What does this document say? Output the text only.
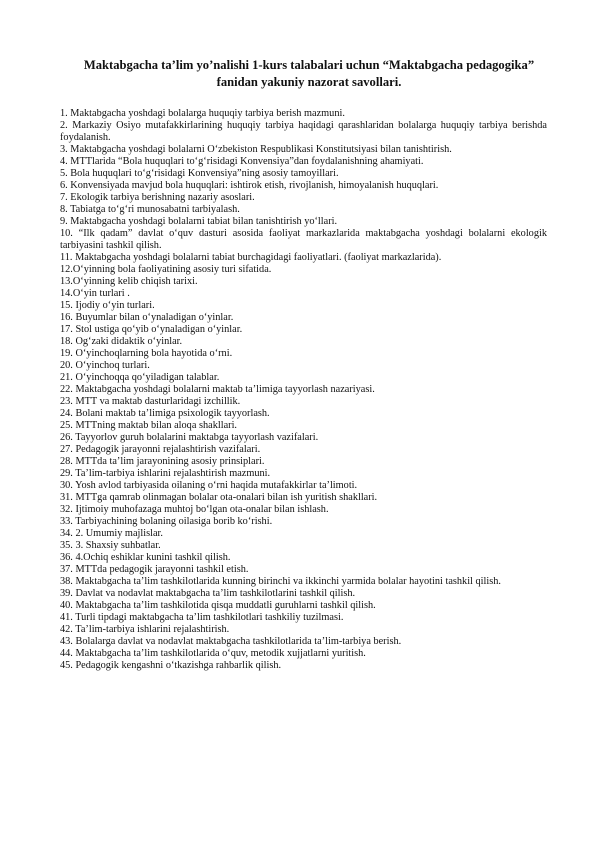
Maktabgacha ta’lim yo’nalishi 1-kurs talabalari uchun “Maktabgacha pedagogika” fanidan yakuniy nazorat savollari.

1. Maktabgacha yoshdagi bolalarga huquqiy tarbiya berish mazmuni.

2. Markaziy Osiyo mutafakkirlarining huquqiy tarbiya haqidagi qarashlaridan bolalarga huquqiy tarbiya berishda foydalanish.

3. Maktabgacha yoshdagi bolalarni O‘zbekiston Respublikasi Konstitutsiyasi bilan tanishtirish.

4. MTTlarida “Bola huquqlari to‘g‘risidagi Konvensiya”dan foydalanishning ahamiyati.

5. Bola huquqlari to‘g‘risidagi Konvensiya”ning asosiy tamoyillari.

6. Konvensiyada mavjud bola huquqlari: ishtirok etish, rivojlanish, himoyalanish huquqlari.

7. Ekologik tarbiya berishning nazariy asoslari.

8. Tabiatga to‘g‘ri munosabatni tarbiyalash.

9. Maktabgacha yoshdagi bolalarni tabiat bilan tanishtirish yo‘llari.

10. “Ilk qadam” davlat o‘quv dasturi asosida faoliyat markazlarida maktabgacha yoshdagi bolalarni ekologik tarbiyasini tashkil qilish.

11. Maktabgacha yoshdagi bolalarni tabiat burchagidagi faoliyatlari. (faoliyat markazlarida).

12.O‘yinning bola faoliyatining asosiy turi sifatida.

13.O‘yinning kelib chiqish tarixi.

14.O‘yin turlari .

15. Ijodiy o‘yin turlari.

16. Buyumlar bilan o‘ynaladigan o‘yinlar.

17. Stol ustiga qo‘yib o‘ynaladigan o‘yinlar.

18. Og‘zaki didaktik o‘yinlar.

19. O‘yinchoqlarning bola hayotida o‘rni.

20. O‘yinchoq turlari.

21. O‘yinchoqqa qo‘yiladigan talablar.

22. Maktabgacha yoshdagi bolalarni maktab ta’limiga tayyorlash nazariyasi.

23. MTT va maktab dasturlaridagi izchillik.

24. Bolani maktab ta’limiga psixologik tayyorlash.

25. MTTning maktab bilan aloqa shakllari.

26. Tayyorlov guruh bolalarini maktabga tayyorlash vazifalari.

27. Pedagogik jarayonni rejalashtirish vazifalari.

28. MTTda ta’lim jarayonining asosiy prinsiplari.

29. Ta’lim-tarbiya ishlarini rejalashtirish mazmuni.

30. Yosh avlod tarbiyasida oilaning o‘rni haqida mutafakkirlar ta’limoti.

31. MTTga qamrab olinmagan bolalar ota-onalari bilan ish yuritish shakllari.

32. Ijtimoiy muhofazaga muhtoj bo‘lgan ota-onalar bilan ishlash.

33. Tarbiyachining bolaning oilasiga borib ko‘rishi.

34. 2. Umumiy majlislar.

35. 3. Shaxsiy suhbatlar.

36. 4.Ochiq eshiklar kunini tashkil qilish.

37. MTTda pedagogik jarayonni tashkil etish.

38. Maktabgacha ta’lim tashkilotlarida kunning birinchi va ikkinchi yarmida bolalar hayotini tashkil qilish.

39. Davlat va nodavlat maktabgacha ta’lim tashkilotlarini tashkil qilish.

40. Maktabgacha ta’lim tashkilotida qisqa muddatli guruhlarni tashkil qilish.

41. Turli tipdagi maktabgacha ta’lim tashkilotlari tashkiliy tuzilmasi.

42. Ta’lim-tarbiya ishlarini rejalashtirish.

43. Bolalarga davlat va nodavlat maktabgacha tashkilotlarida ta’lim-tarbiya berish.

44. Maktabgacha ta’lim tashkilotlarida o‘quv, metodik xujjatlarni yuritish.

45. Pedagogik kengashni o‘tkazishga rahbarlik qilish.
